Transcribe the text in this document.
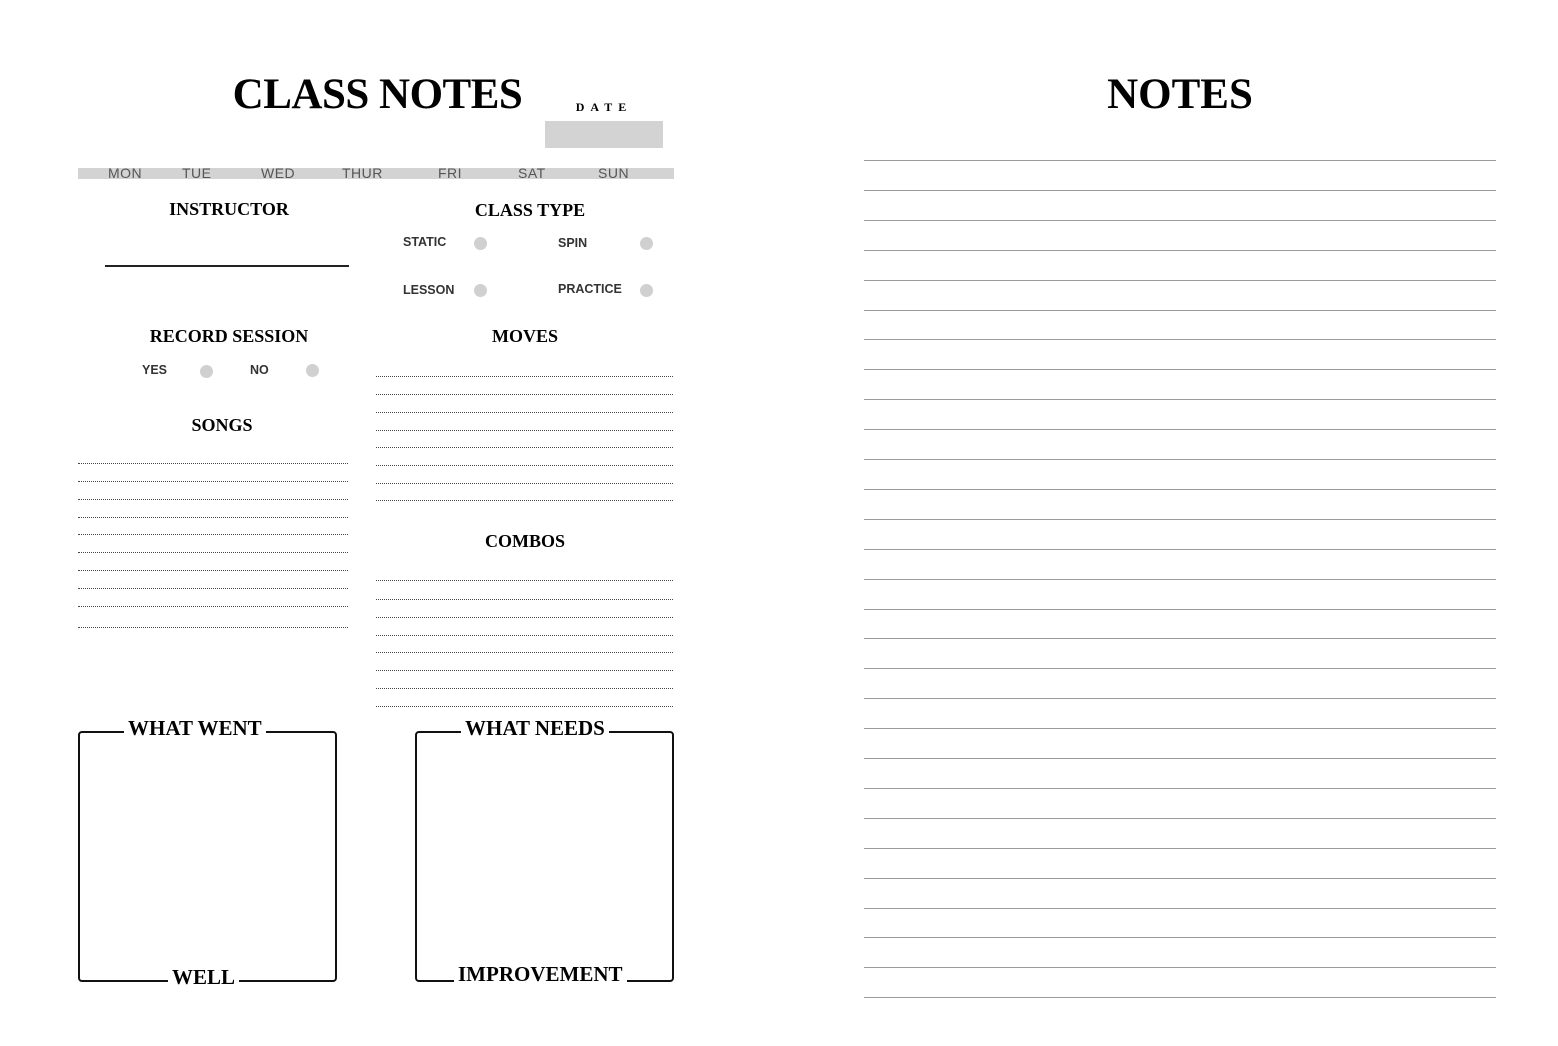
CLASS NOTES	DATE
MON	TUE	WED	THUR	FRI	SAT	SUN
INSTRUCTOR	CLASS TYPE
STATIC	SPIN
LESSON	PRACTICE
RECORD SESSION
YES	NO
MOVES
SONGS
COMBOS
WHAT WENT
WELL
WHAT NEEDS
IMPROVEMENT
NOTES
